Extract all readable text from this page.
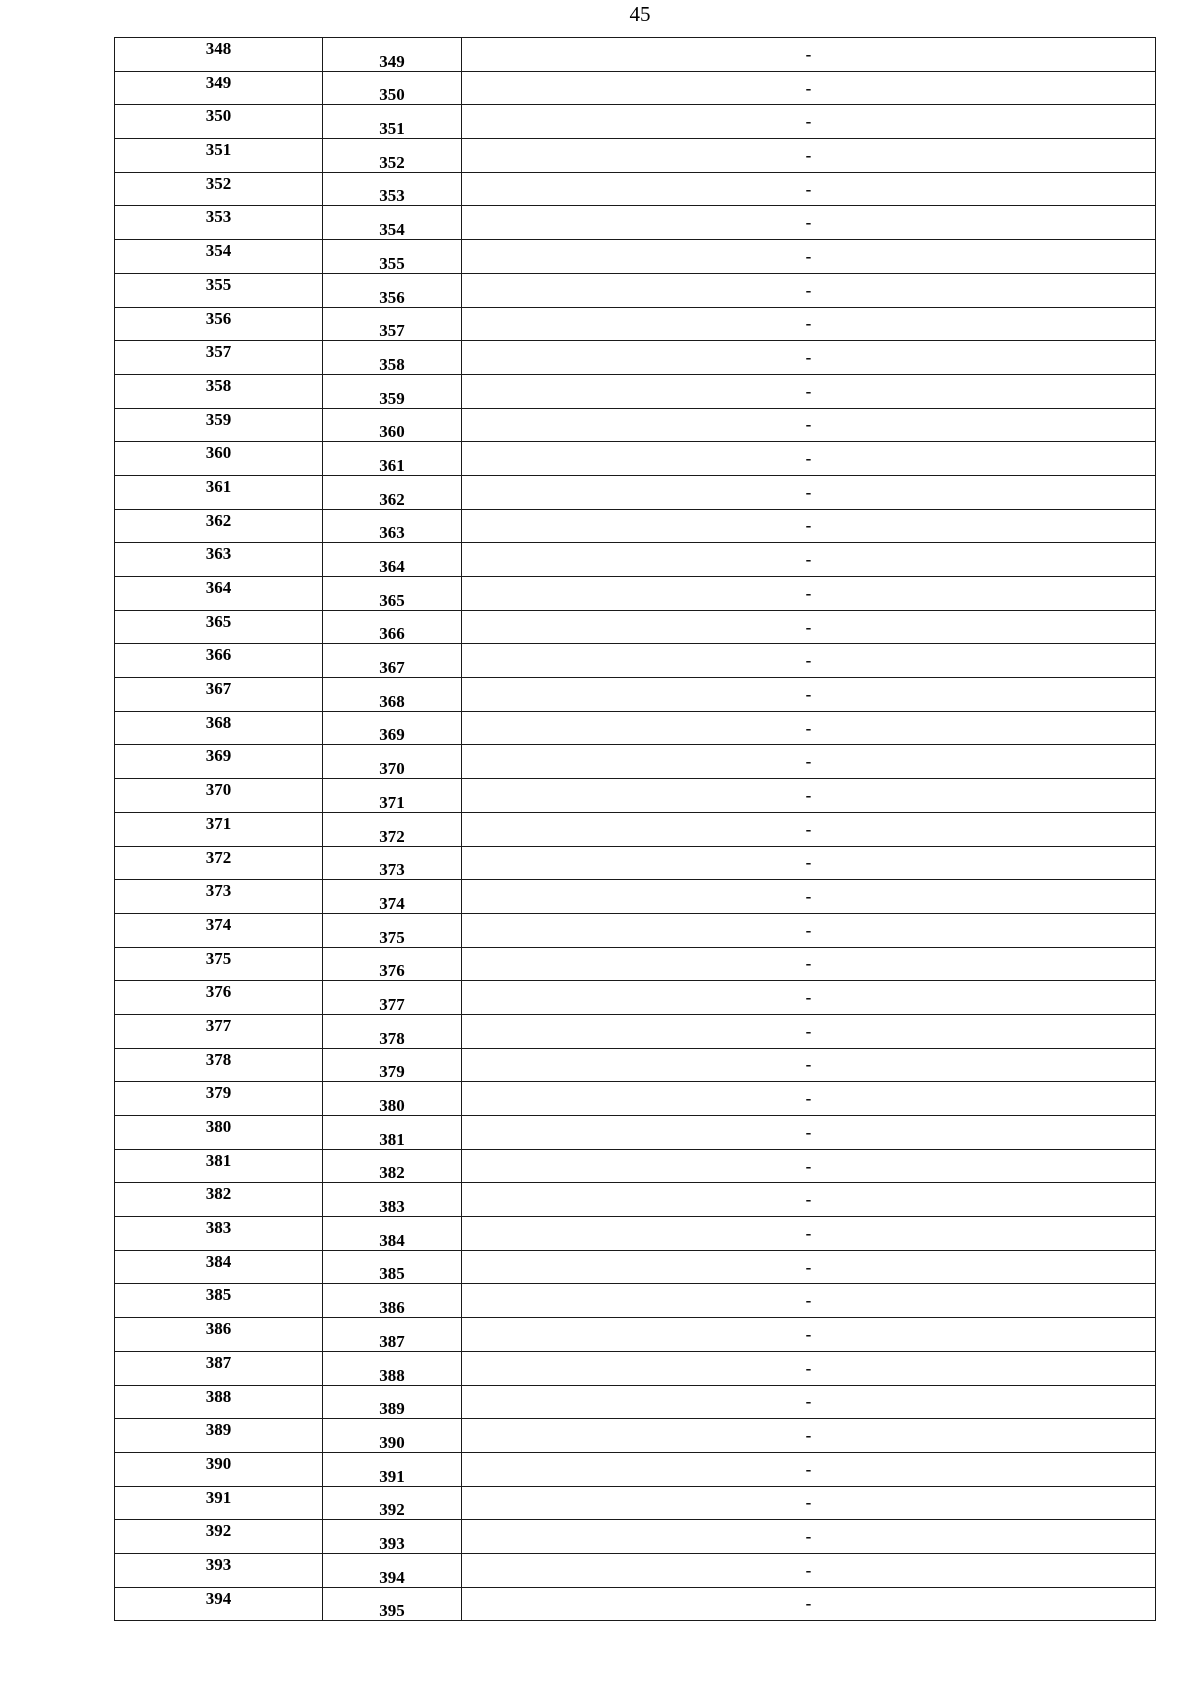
45
348	349	-
349	350	-
350	351	-
351	352	-
352	353	-
353	354	-
354	355	-
355	356	-
356	357	-
357	358	-
358	359	-
359	360	-
360	361	-
361	362	-
362	363	-
363	364	-
364	365	-
365	366	-
366	367	-
367	368	-
368	369	-
369	370	-
370	371	-
371	372	-
372	373	-
373	374	-
374	375	-
375	376	-
376	377	-
377	378	-
378	379	-
379	380	-
380	381	-
381	382	-
382	383	-
383	384	-
384	385	-
385	386	-
386	387	-
387	388	-
388	389	-
389	390	-
390	391	-
391	392	-
392	393	-
393	394	-
394	395	-
